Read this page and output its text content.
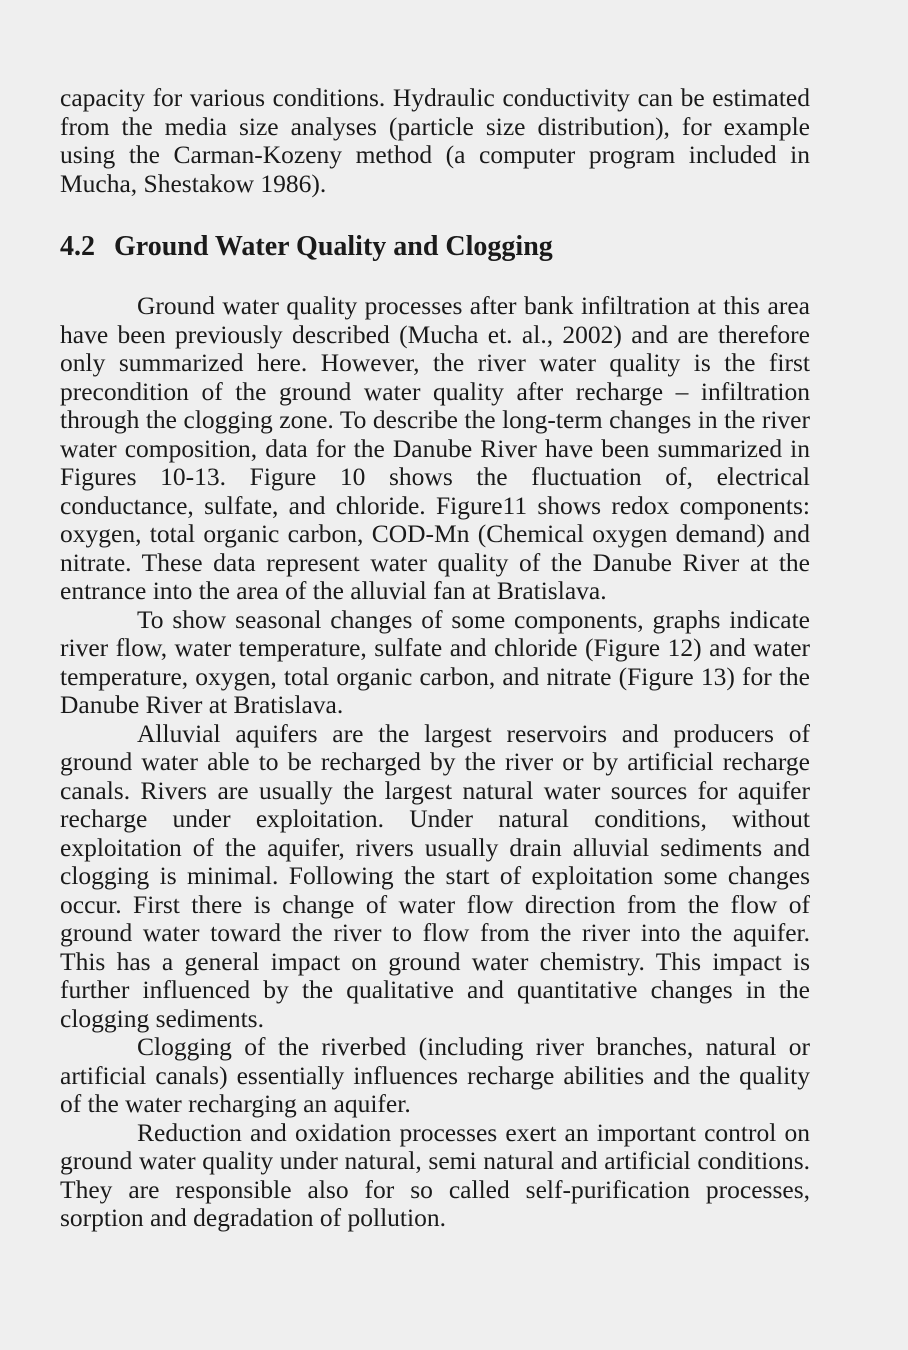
capacity for various conditions. Hydraulic conductivity can be estimated from the media size analyses (particle size distribution), for example using the Carman-Kozeny method (a computer program included in Mucha, Shestakow 1986).

4.2 Ground Water Quality and Clogging

Ground water quality processes after bank infiltration at this area have been previously described (Mucha et. al., 2002) and are therefore only summarized here. However, the river water quality is the first precondition of the ground water quality after recharge – infiltration through the clogging zone. To describe the long-term changes in the river water composition, data for the Danube River have been summarized in Figures 10-13. Figure 10 shows the fluctuation of, electrical conductance, sulfate, and chloride. Figure11 shows redox components: oxygen, total organic carbon, COD-Mn (Chemical oxygen demand) and nitrate. These data represent water quality of the Danube River at the entrance into the area of the alluvial fan at Bratislava.

To show seasonal changes of some components, graphs indicate river flow, water temperature, sulfate and chloride (Figure 12) and water temperature, oxygen, total organic carbon, and nitrate (Figure 13) for the Danube River at Bratislava.

Alluvial aquifers are the largest reservoirs and producers of ground water able to be recharged by the river or by artificial recharge canals. Rivers are usually the largest natural water sources for aquifer recharge under exploitation. Under natural conditions, without exploitation of the aquifer, rivers usually drain alluvial sediments and clogging is minimal. Following the start of exploitation some changes occur. First there is change of water flow direction from the flow of ground water toward the river to flow from the river into the aquifer. This has a general impact on ground water chemistry. This impact is further influenced by the qualitative and quantitative changes in the clogging sediments.

Clogging of the riverbed (including river branches, natural or artificial canals) essentially influences recharge abilities and the quality of the water recharging an aquifer.

Reduction and oxidation processes exert an important control on ground water quality under natural, semi natural and artificial conditions. They are responsible also for so called self-purification processes, sorption and degradation of pollution.
